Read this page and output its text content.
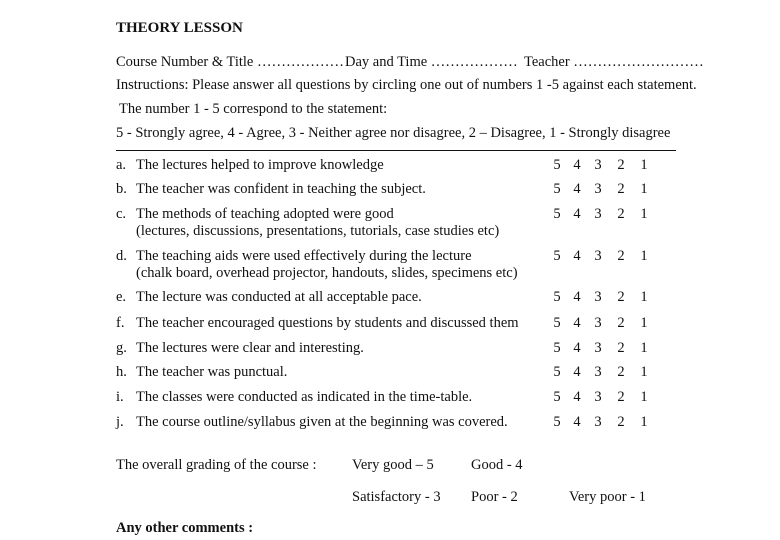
THEORY LESSON
Course Number & Title ……………… Day and Time ……………… Teacher ………………………
Instructions: Please answer all questions by circling one out of numbers 1 -5 against each statement.
The number 1 - 5 correspond to the statement:
5 - Strongly agree, 4 - Agree, 3 - Neither agree nor disagree, 2 – Disagree, 1 - Strongly disagree
a. The lectures helped to improve knowledge	5 4 3 2 1
b. The teacher was confident in teaching the subject.	5 4 3 2 1
c. The methods of teaching adopted were good
(lectures, discussions, presentations, tutorials, case studies etc)
5 4 3 2 1
d. The teaching aids were used effectively during the lecture
(chalk board, overhead projector, handouts, slides, specimens etc)
5 4 3 2 1
e. The lecture was conducted at all acceptable pace.	5 4 3 2 1
f. The teacher encouraged questions by students and discussed them 5 4 3 2 1
g. The lectures were clear and interesting.	5 4 3 2 1
h. The teacher was punctual.	5 4 3 2 1
i. The classes were conducted as indicated in the time-table.	5 4 3 2 1
j. The course outline/syllabus given at the beginning was covered.	5 4 3 2 1
The overall grading of the course : Very good – 5	Good - 4
Satisfactory - 3 Poor - 2	Very poor - 1
Any other comments :
